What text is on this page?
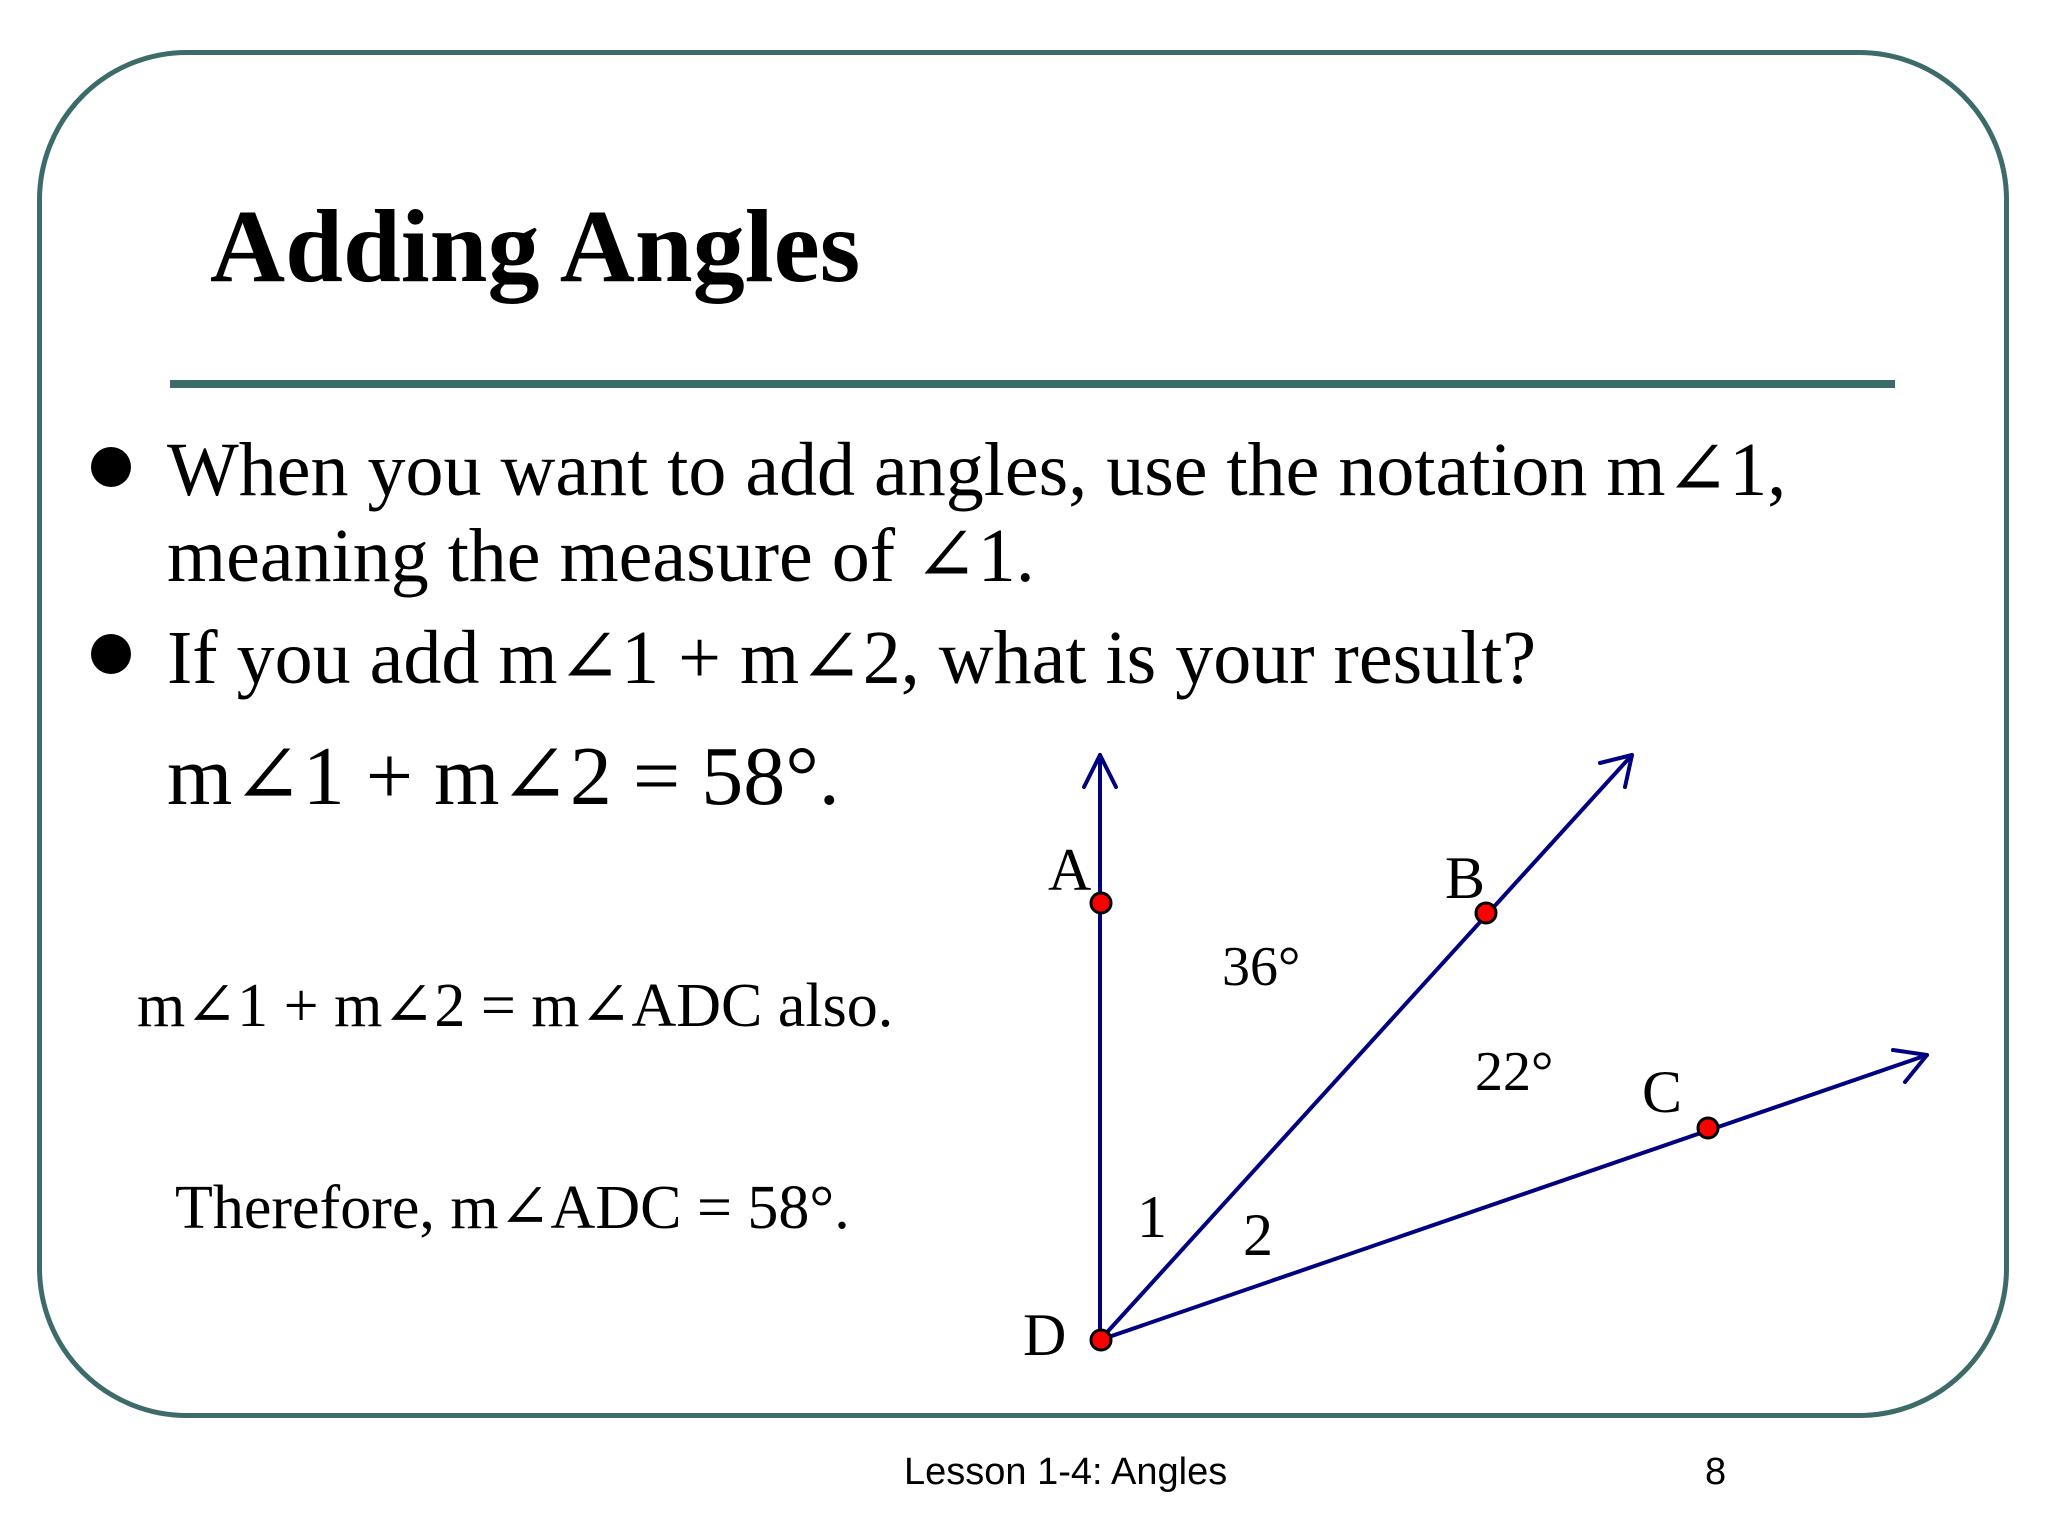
Adding Angles
When you want to add angles, use the notation m∠1,
meaning the measure of ∠1.
If you add m∠1 + m∠2, what is your result?
m∠1 + m∠2 = 58°.
m∠1 + m∠2 = m∠ADC also.
Therefore, m∠ADC = 58°.
A	B
C
D
1 2
36°
22°
Lesson 1-4: Angles	8
